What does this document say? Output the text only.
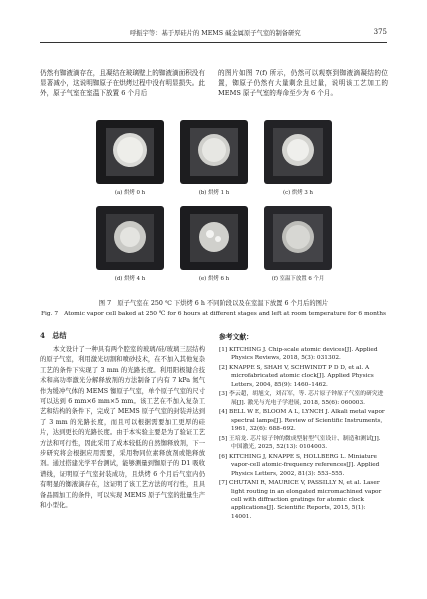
呼振宇等：基于厚硅片的 MEMS 碱金属原子气室的制备研究	375
仍然有铷液滴存在，且凝结在玻璃壁上的铷液滴面积没有显著减小，这说明铷原子在烘烤过程中没有明显损失。此外，原子气室在室温下放置 6 个月后
的图片如图 7(f) 所示，仍然可以观察到铷液滴凝结的位置，铷原子仍然有大量剩余且过量，说明该工艺加工的 MEMS 原子气室的寿命至少为 6 个月。
(a) 烘烤 0 h	(b) 烘烤 1 h	(c) 烘烤 3 h
(d) 烘烤 4 h	(e) 烘烤 6 h	(f) 室温下放置 6 个月
图 7　原子气室在 250 ℃ 下烘烤 6 h 不同阶段以及在室温下放置 6 个月后的图片
Fig. 7　Atomic vapor cell baked at 250 ℃ for 6 hours at different stages and left at room temperature for 6 months
4　总结
本文设计了一种具有两个腔室的玻璃/硅/玻璃三层结构的原子气室，利用激光切割和喷砂技术，在不加入其他复杂工艺的条件下实现了 3 mm 的光路长度。利用阳极键合技术和高功率激光分解释放剂的方法制备了内有 7 kPa 氮气作为缓冲气体的 MEMS 铷原子气室，单个原子气室的尺寸可以达到 6 mm×6 mm×5 mm。该工艺在不加入复杂工艺和结构的条件下，完成了 MEMS 原子气室的封装并达到了 3 mm 的光路长度，而且可以根据需要加工更厚的硅片，达到更长的光路长度。由于本实验主要是为了验证工艺方法和可行性，因此采用了成本较低的自然铷释放剂，下一步研究将会根据应用需要，采用物同位素释放剂或铯释放剂。通过搭建光学平台测试，能够测量到铷原子的 D1 吸收谱线，证明原子气室封装成功，且烘烤 6 个月后气室内仍有明显的铷液滴存在，这证明了该工艺方法的可行性，且具备品圆加工的条件，可以实现 MEMS 原子气室的批量生产和小型化。
参考文献：
[1] KITCHING J. Chip-scale atomic devices[J]. Applied Physics Reviews, 2018, 5(3): 031302.
[2] KNAPPE S, SHAH V, SCHWINDT P D D, et al. A microfabricated atomic clock[J]. Applied Physics Letters, 2004, 85(9): 1460–1462.
[3] 李云超，胡旭文，刘召军，等. 芯片原子钟原子气室的研究进展[J]. 激光与光电子学进展, 2018, 55(6): 060003.
[4] BELL W E, BLOOM A L, LYNCH J. Alkali metal vapor spectral lamps[J]. Review of Scientific Instruments, 1961, 32(6): 688–692.
[5] 王培龙. 芯片原子钟的微成型射型气室设计、制造和测试[J]. 中国激光, 2025, 52(13): 0104003.
[6] KITCHING J, KNAPPE S, HOLLBERG L. Miniature vapor-cell atomic-frequency references[J]. Applied Physics Letters, 2002, 81(3): 553–555.
[7] CHUTANI R, MAURICE V, PASSILLY N, et al. Laser light routing in an elongated micromachined vapor cell with diffraction gratings for atomic clock applications[J]. Scientific Reports, 2015, 5(1): 14001.
